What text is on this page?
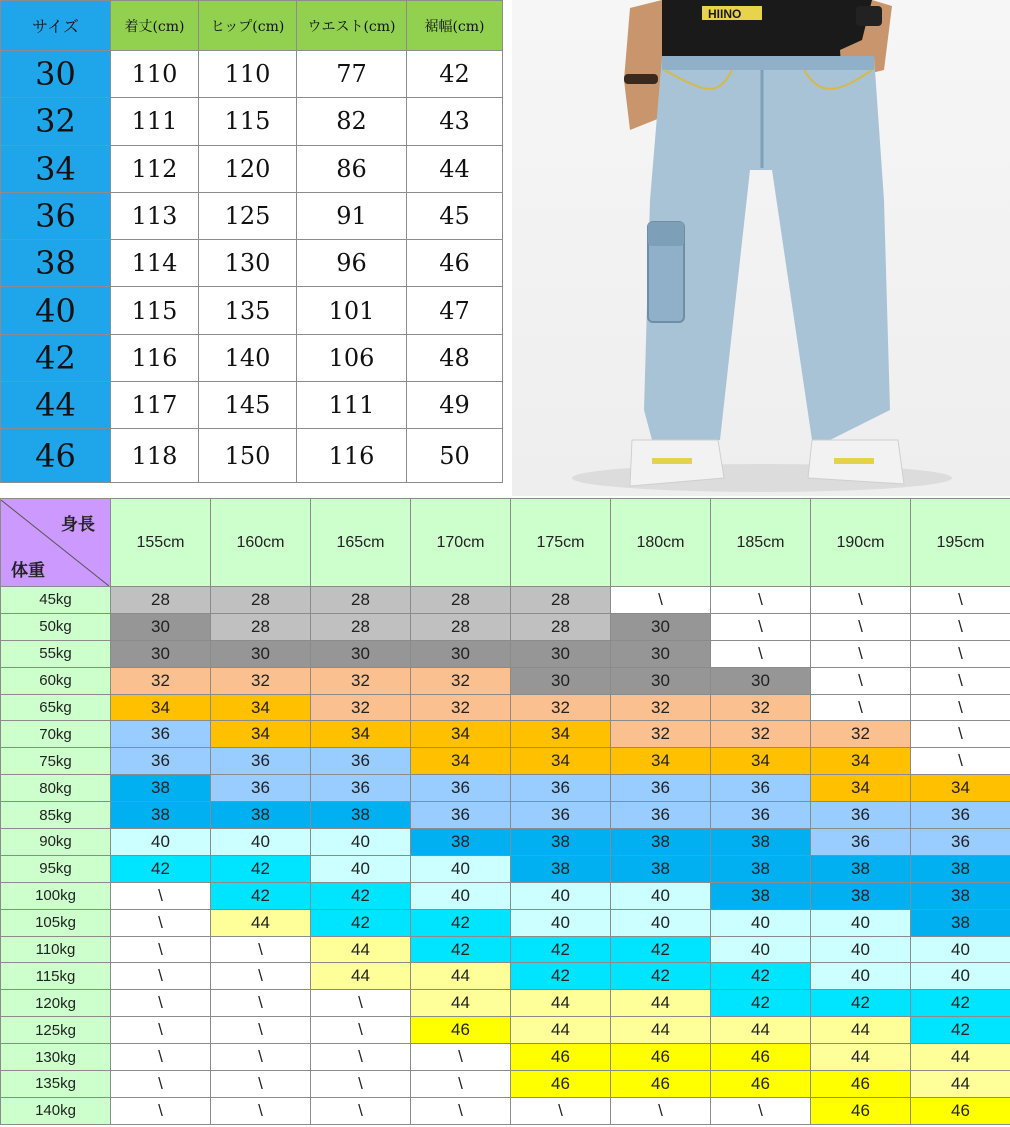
サイズ	着丈(cm)	ヒップ(cm)	ウエスト(cm)	裾幅(cm)
30	110	110	77	42
32	111	115	82	43
34	112	120	86	44
36	113	125	91	45
38	114	130	96	46
40	115	135	101	47
42	116	140	106	48
44	117	145	111	49
46	118	150	116	50
HIINO
身長
体重	155cm	160cm	165cm	170cm	175cm	180cm	185cm	190cm	195cm
45kg	28	28	28	28	28	\	\	\	\
50kg	30	28	28	28	28	30	\	\	\
55kg	30	30	30	30	30	30	\	\	\
60kg	32	32	32	32	30	30	30	\	\
65kg	34	34	32	32	32	32	32	\	\
70kg	36	34	34	34	34	32	32	32	\
75kg	36	36	36	34	34	34	34	34	\
80kg	38	36	36	36	36	36	36	34	34
85kg	38	38	38	36	36	36	36	36	36
90kg	40	40	40	38	38	38	38	36	36
95kg	42	42	40	40	38	38	38	38	38
100kg	\	42	42	40	40	40	38	38	38
105kg	\	44	42	42	40	40	40	40	38
110kg	\	\	44	42	42	42	40	40	40
115kg	\	\	44	44	42	42	42	40	40
120kg	\	\	\	44	44	44	42	42	42
125kg	\	\	\	46	44	44	44	44	42
130kg	\	\	\	\	46	46	46	44	44
135kg	\	\	\	\	46	46	46	46	44
140kg	\	\	\	\	\	\	\	46	46
